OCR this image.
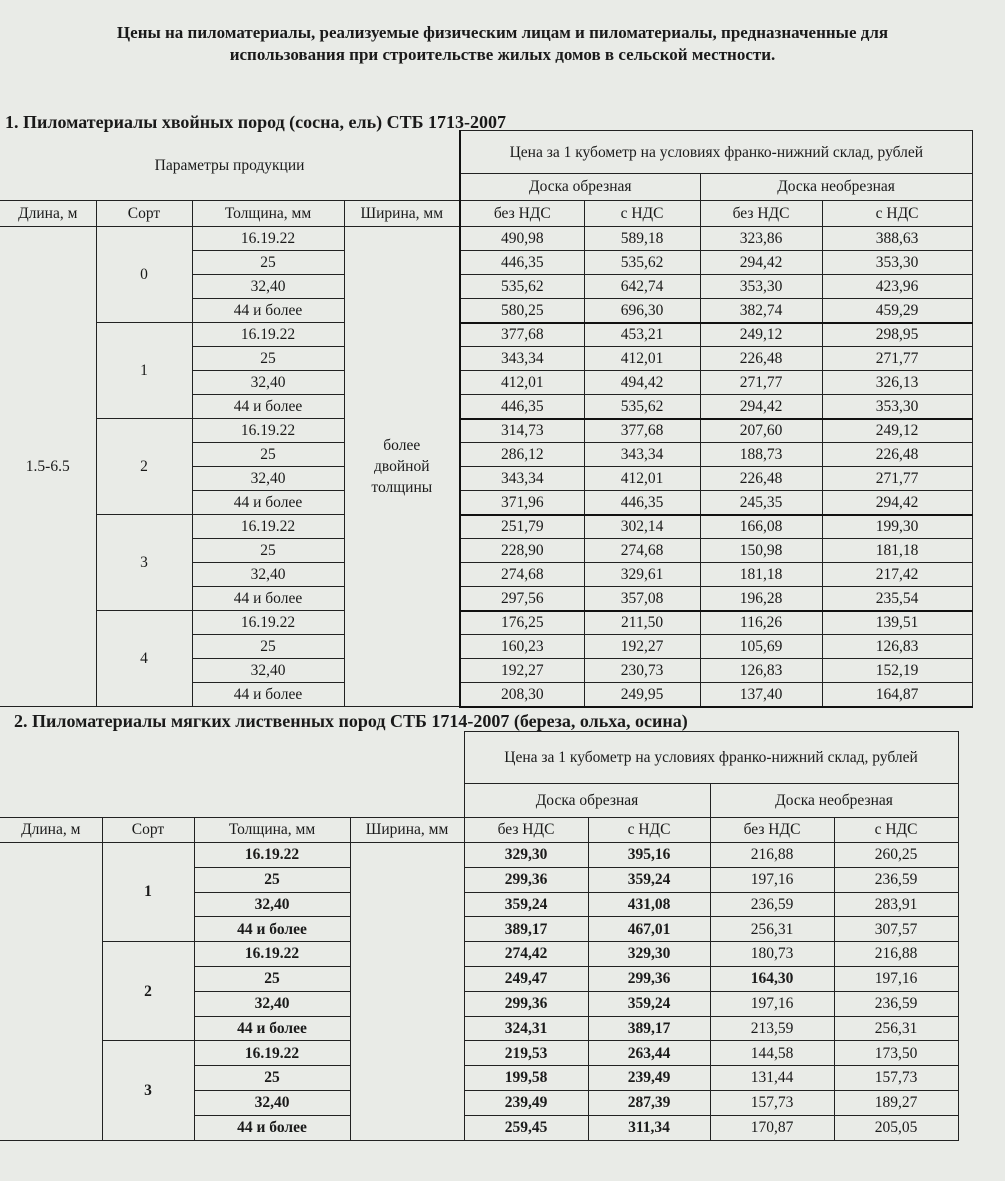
Цены на пиломатериалы, реализуемые физическим лицам и пиломатериалы, предназначенные для
использования при строительстве жилых домов в сельской местности.
1. Пиломатериалы хвойных пород (сосна, ель) СТБ 1713-2007
Параметры продукции				Цена за 1 кубометр на условиях франко-нижний склад, рублей			
				Доска обрезная		Доска необрезная	
Длина, м	Сорт	Толщина, мм	Ширина, мм	без НДС	с НДС	без НДС	с НДС
1.5-6.5	0	16.19.22	более двойной толщины	490,98	589,18	323,86	388,63
		25		446,35	535,62	294,42	353,30
		32,40		535,62	642,74	353,30	423,96
		44 и более		580,25	696,30	382,74	459,29
	1	16.19.22		377,68	453,21	249,12	298,95
		25		343,34	412,01	226,48	271,77
		32,40		412,01	494,42	271,77	326,13
		44 и более		446,35	535,62	294,42	353,30
	2	16.19.22		314,73	377,68	207,60	249,12
		25		286,12	343,34	188,73	226,48
		32,40		343,34	412,01	226,48	271,77
		44 и более		371,96	446,35	245,35	294,42
	3	16.19.22		251,79	302,14	166,08	199,30
		25		228,90	274,68	150,98	181,18
		32,40		274,68	329,61	181,18	217,42
		44 и более		297,56	357,08	196,28	235,54
	4	16.19.22		176,25	211,50	116,26	139,51
		25		160,23	192,27	105,69	126,83
		32,40		192,27	230,73	126,83	152,19
		44 и более		208,30	249,95	137,40	164,87
2. Пиломатериалы мягких лиственных пород СТБ 1714-2007 (береза, ольха, осина)
				Цена за 1 кубометр на условиях франко-нижний склад, рублей			
				Доска обрезная		Доска необрезная	
Длина, м	Сорт	Толщина, мм	Ширина, мм	без НДС	с НДС	без НДС	с НДС
	1	16.19.22		329,30	395,16	216,88	260,25
		25		299,36	359,24	197,16	236,59
		32,40		359,24	431,08	236,59	283,91
		44 и более		389,17	467,01	256,31	307,57
	2	16.19.22		274,42	329,30	180,73	216,88
		25		249,47	299,36	164,30	197,16
		32,40		299,36	359,24	197,16	236,59
		44 и более		324,31	389,17	213,59	256,31
	3	16.19.22		219,53	263,44	144,58	173,50
		25		199,58	239,49	131,44	157,73
		32,40		239,49	287,39	157,73	189,27
		44 и более		259,45	311,34	170,87	205,05
